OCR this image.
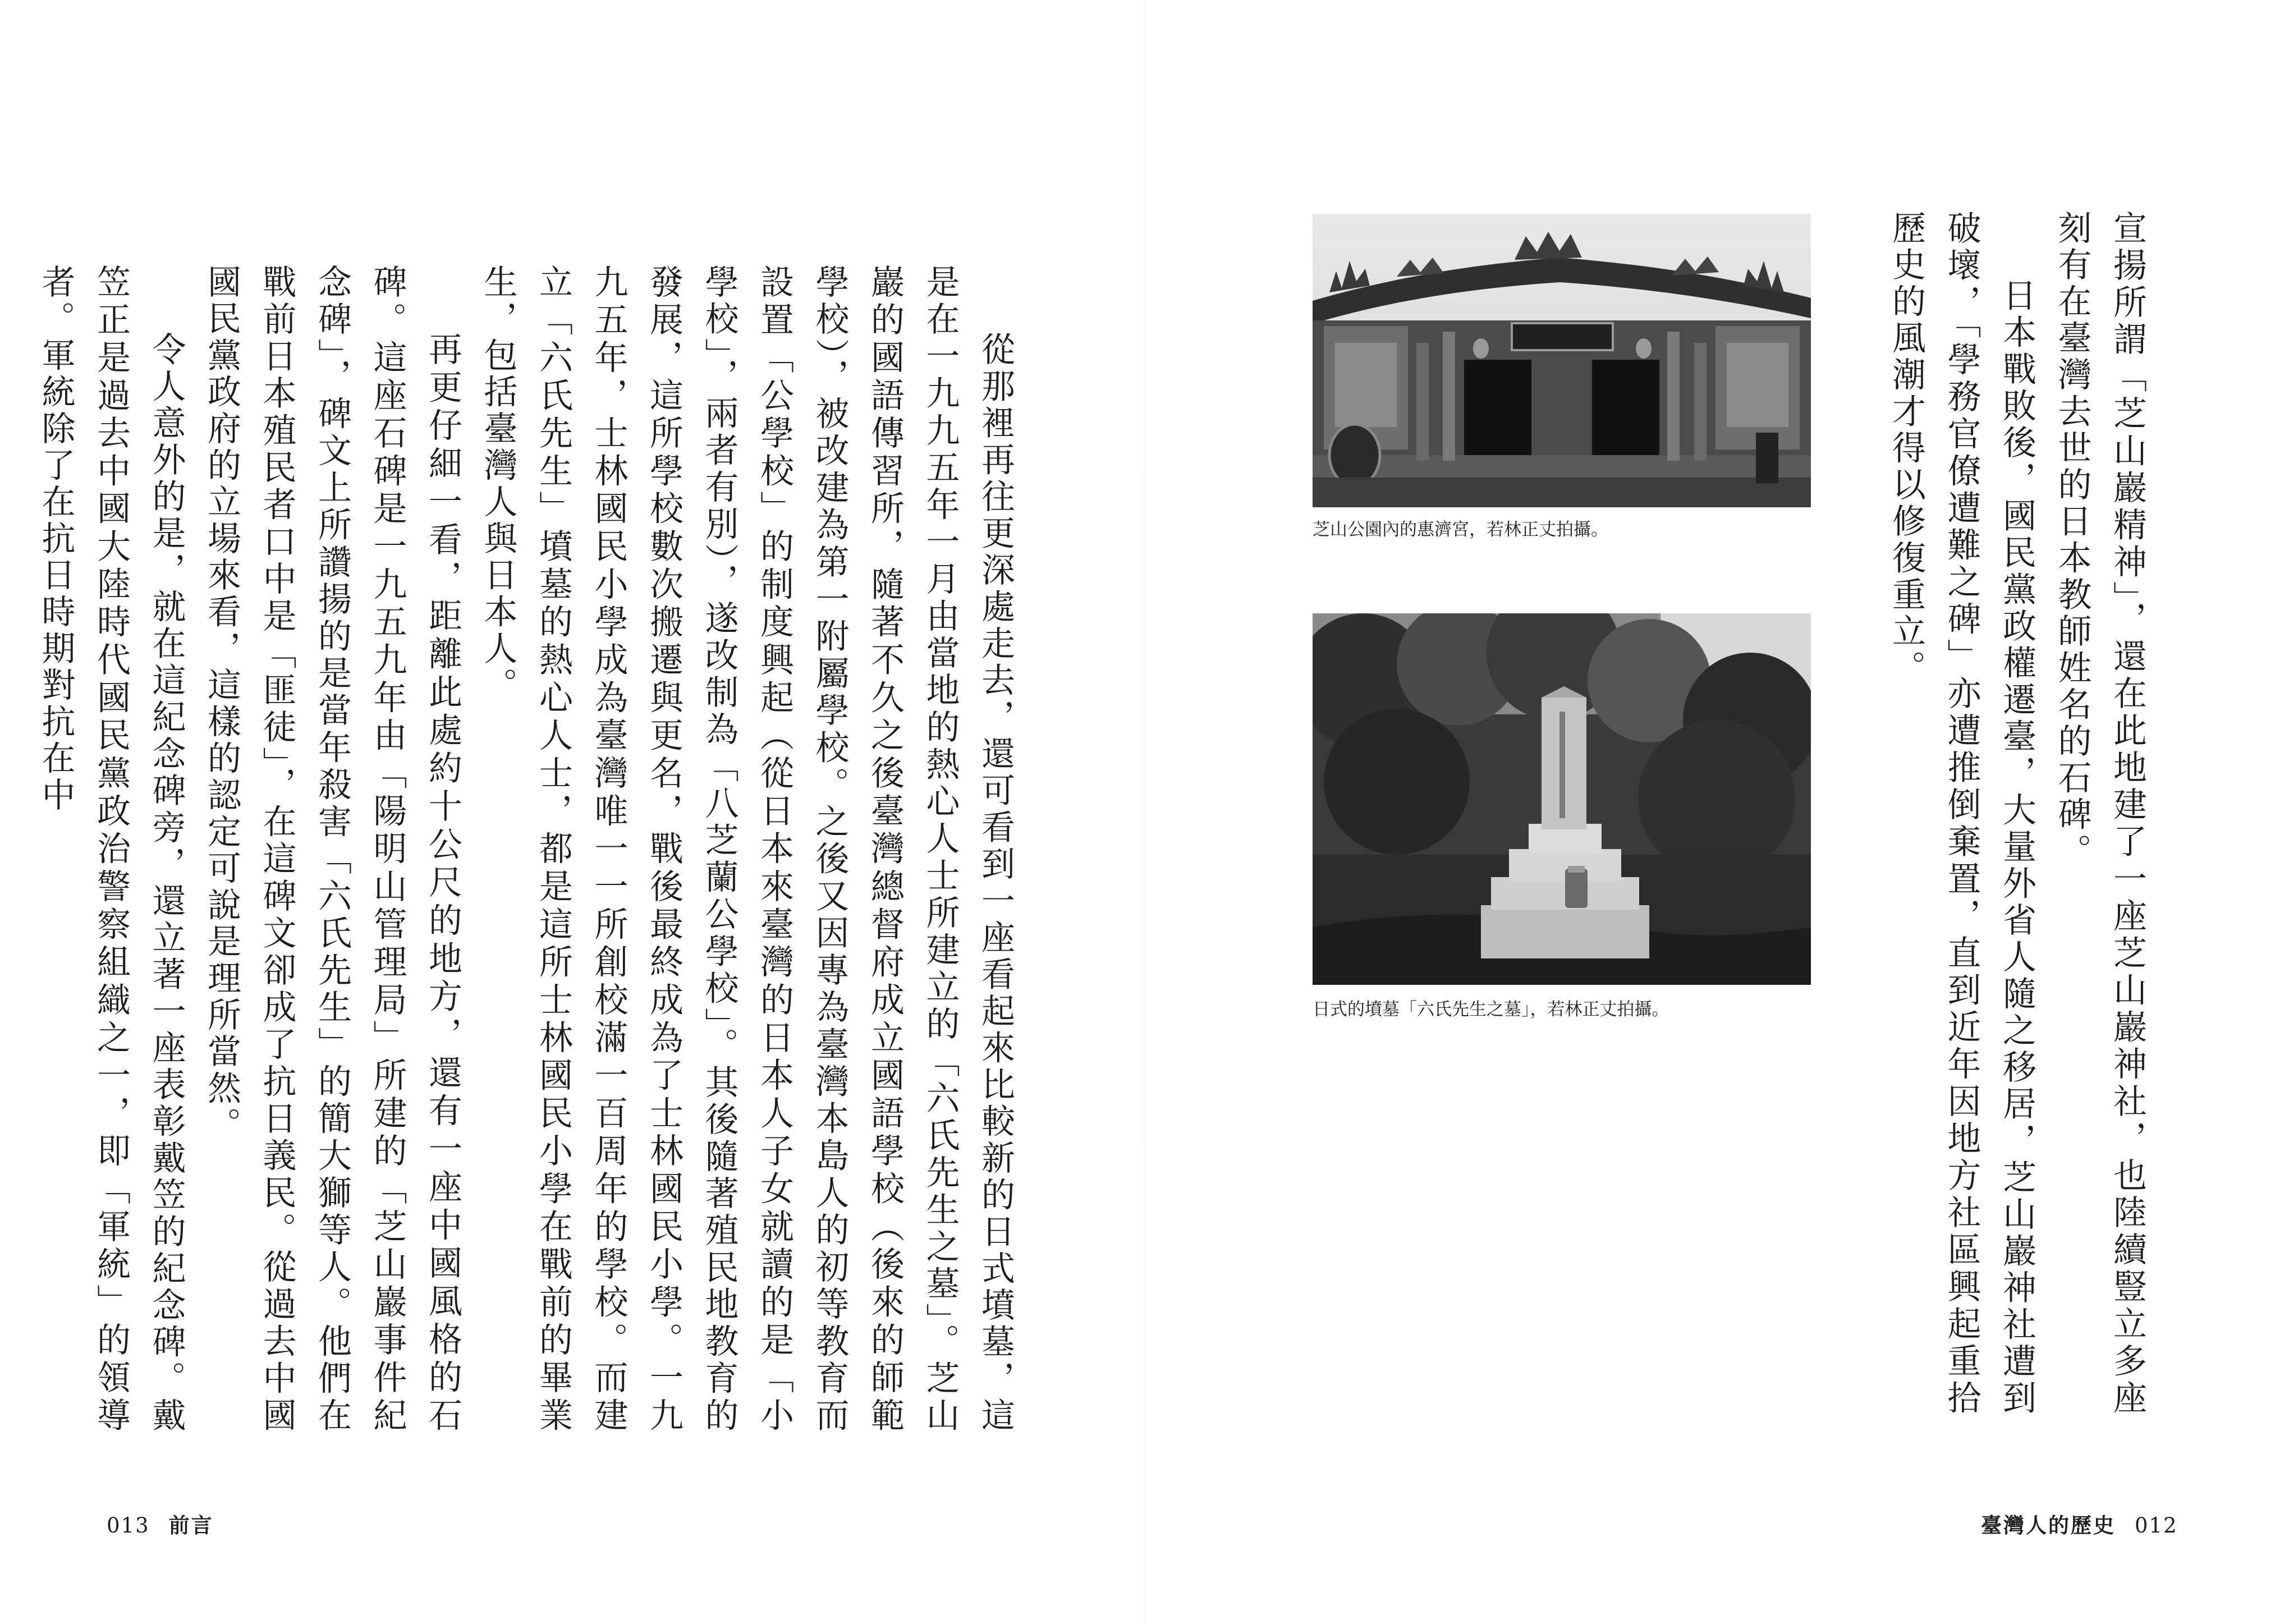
宣揚所謂「芝山巖精神」，還在此地建了一座芝山巖神社，也陸續豎立多座刻有在臺灣去世的日本教師姓名的石碑。

日本戰敗後，國民黨政權遷臺，大量外省人隨之移居，芝山巖神社遭到破壞，「學務官僚遭難之碑」亦遭推倒棄置，直到近年因地方社區興起重拾歷史的風潮才得以修復重立。

芝山公園內的惠濟宮，若林正丈拍攝。
日式的墳墓「六氏先生之墓」，若林正丈拍攝。
臺灣人的歷史 012

從那裡再往更深處走去，還可看到一座看起來比較新的日式墳墓，這是在一九九五年一月由當地的熱心人士所建立的「六氏先生之墓」。芝山巖的國語傳習所，隨著不久之後臺灣總督府成立國語學校（後來的師範學校），被改建為第一附屬學校。之後又因專為臺灣本島人的初等教育而設置「公學校」的制度興起（從日本來臺灣的日本人子女就讀的是「小學校」，兩者有別），遂改制為「八芝蘭公學校」。其後隨著殖民地教育的發展，這所學校數次搬遷與更名，戰後最終成為了士林國民小學。一九九五年，士林國民小學成為臺灣唯一一所創校滿一百周年的學校。而建立「六氏先生」墳墓的熱心人士，都是這所士林國民小學在戰前的畢業生，包括臺灣人與日本人。

再更仔細一看，距離此處約十公尺的地方，還有一座中國風格的石碑。這座石碑是一九五九年由「陽明山管理局」所建的「芝山巖事件紀念碑」，碑文上所讚揚的是當年殺害「六氏先生」的簡大獅等人。他們在戰前日本殖民者口中是「匪徒」，在這碑文卻成了抗日義民。從過去中國國民黨政府的立場來看，這樣的認定可說是理所當然。

令人意外的是，就在這紀念碑旁，還立著一座表彰戴笠的紀念碑。戴笠正是過去中國大陸時代國民黨政治警察組織之一，即「軍統」的領導者。軍統除了在抗日時期對抗在中

013 前言
